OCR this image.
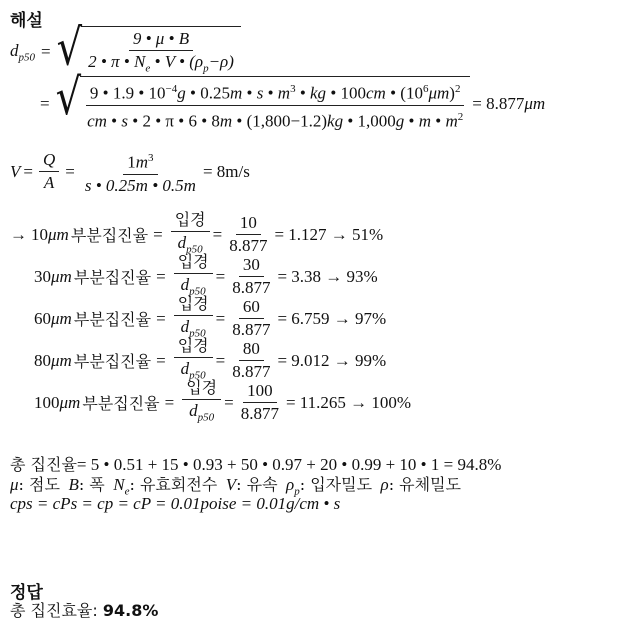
해설
$d_{p50}$ = √ $\frac{9 • \mu • B}{2 • \pi • N_e • V • (\rho_p-\rho)}$
= √ $\frac{9 • 1.9 • 10^{-4}g • 0.25m • s • m^3 • kg • 100cm • (10^6\mu m)^2}{cm • s • 2 • \pi • 6 • 8m • (1,800-1.2)kg • 1,000g • m • m^2} = 8.877$ μm
$V = \frac{Q}{A} = \frac{1m^3}{s • 0.25m • 0.5m} = 8m/s$
→ 10 μm 부분집진율 = $\frac{\text{입경}}{d_{p50}} = \frac{10}{8.877} = 1.127 \to 51\%$
30 μm 부분집진율 = $\frac{\text{입경}}{d_{p50}} = \frac{30}{8.877} = 3.38 \to 93\%$
60 μm 부분집진율 = $\frac{\text{입경}}{d_{p50}} = \frac{60}{8.877} = 6.759 \to 97\%$
80 μm 부분집진율 = $\frac{\text{입경}}{d_{p50}} = \frac{80}{8.877} = 9.012 \to 99\%$
100 μm 부분집진율 = $\frac{\text{입경}}{d_{p50}} = \frac{100}{8.877} = 11.265 \to 100\%$
총 집진율= 5 • 0.51 + 15 • 0.93 + 50 • 0.97 + 20 • 0.99 + 10 • 1 = 94.8%
μ: 점도 B: 폭 $N_e$: 유효회전수 V: 유속 $\rho_p$: 입자밀도 ρ: 유체밀도
cps = cPs = cp = cP = 0.01poise = 0.01g/cm • s
정답
총 집진효율: 94.8%
